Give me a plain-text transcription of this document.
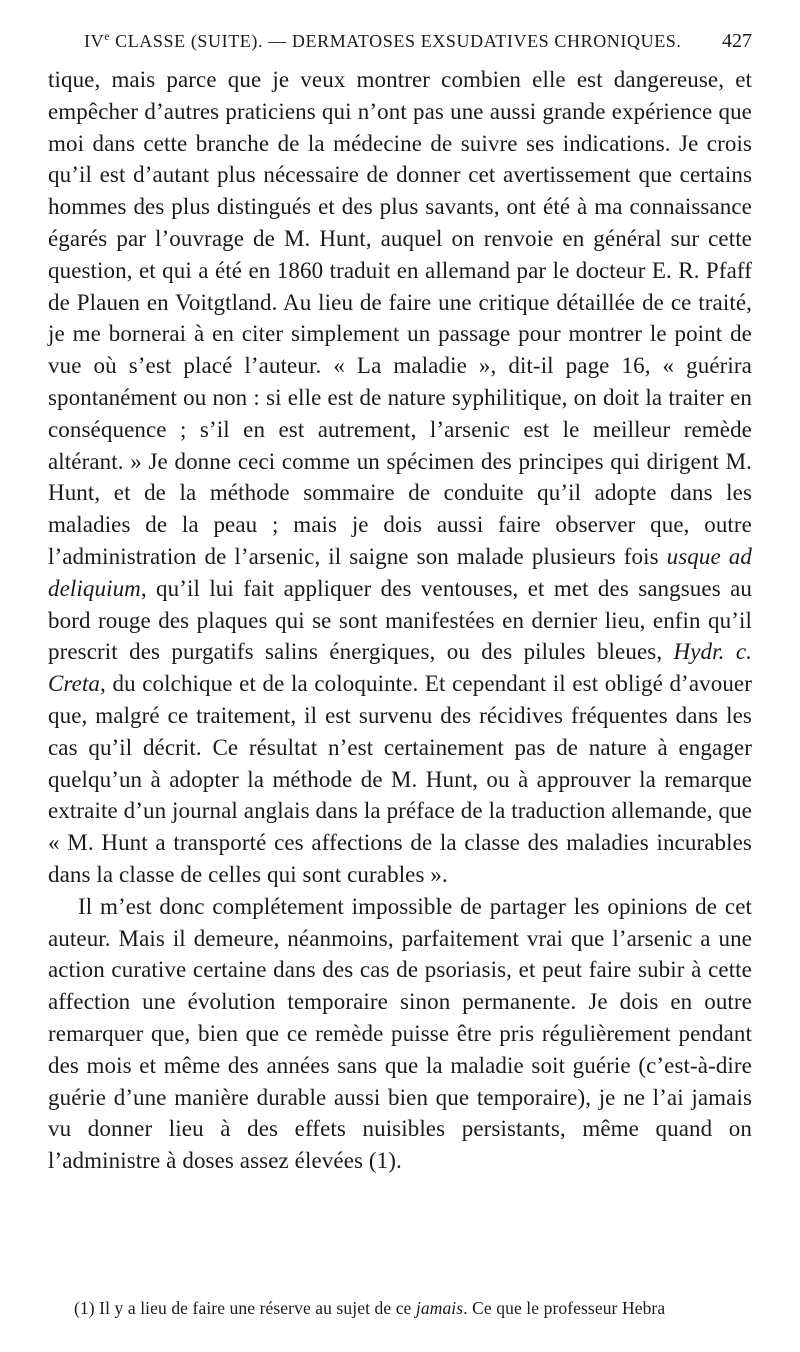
IVe CLASSE (SUITE). — DERMATOSES EXSUDATIVES CHRONIQUES. 427

tique, mais parce que je veux montrer combien elle est dangereuse, et empêcher d’autres praticiens qui n’ont pas une aussi grande expérience que moi dans cette branche de la médecine de suivre ses indications. Je crois qu’il est d’autant plus nécessaire de donner cet avertissement que certains hommes des plus distingués et des plus savants, ont été à ma connaissance égarés par l’ouvrage de M. Hunt, auquel on renvoie en général sur cette question, et qui a été en 1860 traduit en allemand par le docteur E. R. Pfaff de Plauen en Voitgtland. Au lieu de faire une critique détaillée de ce traité, je me bornerai à en citer simplement un passage pour montrer le point de vue où s’est placé l’auteur. « La maladie », dit-il page 16, « guérira spontanément ou non : si elle est de nature syphilitique, on doit la traiter en conséquence ; s’il en est autrement, l’arsenic est le meilleur remède altérant. » Je donne ceci comme un spécimen des principes qui dirigent M. Hunt, et de la méthode sommaire de conduite qu’il adopte dans les maladies de la peau ; mais je dois aussi faire observer que, outre l’administration de l’arsenic, il saigne son malade plusieurs fois usque ad deliquium, qu’il lui fait appliquer des ventouses, et met des sangsues au bord rouge des plaques qui se sont manifestées en dernier lieu, enfin qu’il prescrit des purgatifs salins énergiques, ou des pilules bleues, Hydr. c. Creta, du colchique et de la coloquinte. Et cependant il est obligé d’avouer que, malgré ce traitement, il est survenu des récidives fréquentes dans les cas qu’il décrit. Ce résultat n’est certainement pas de nature à engager quelqu’un à adopter la méthode de M. Hunt, ou à approuver la remarque extraite d’un journal anglais dans la préface de la traduction allemande, que « M. Hunt a transporté ces affections de la classe des maladies incurables dans la classe de celles qui sont curables ».

Il m’est donc complétement impossible de partager les opinions de cet auteur. Mais il demeure, néanmoins, parfaitement vrai que l’arsenic a une action curative certaine dans des cas de psoriasis, et peut faire subir à cette affection une évolution temporaire sinon permanente. Je dois en outre remarquer que, bien que ce remède puisse être pris régulièrement pendant des mois et même des années sans que la maladie soit guérie (c’est-à-dire guérie d’une manière durable aussi bien que temporaire), je ne l’ai jamais vu donner lieu à des effets nuisibles persistants, même quand on l’administre à doses assez élevées (1).

(1) Il y a lieu de faire une réserve au sujet de ce jamais. Ce que le professeur Hebra
